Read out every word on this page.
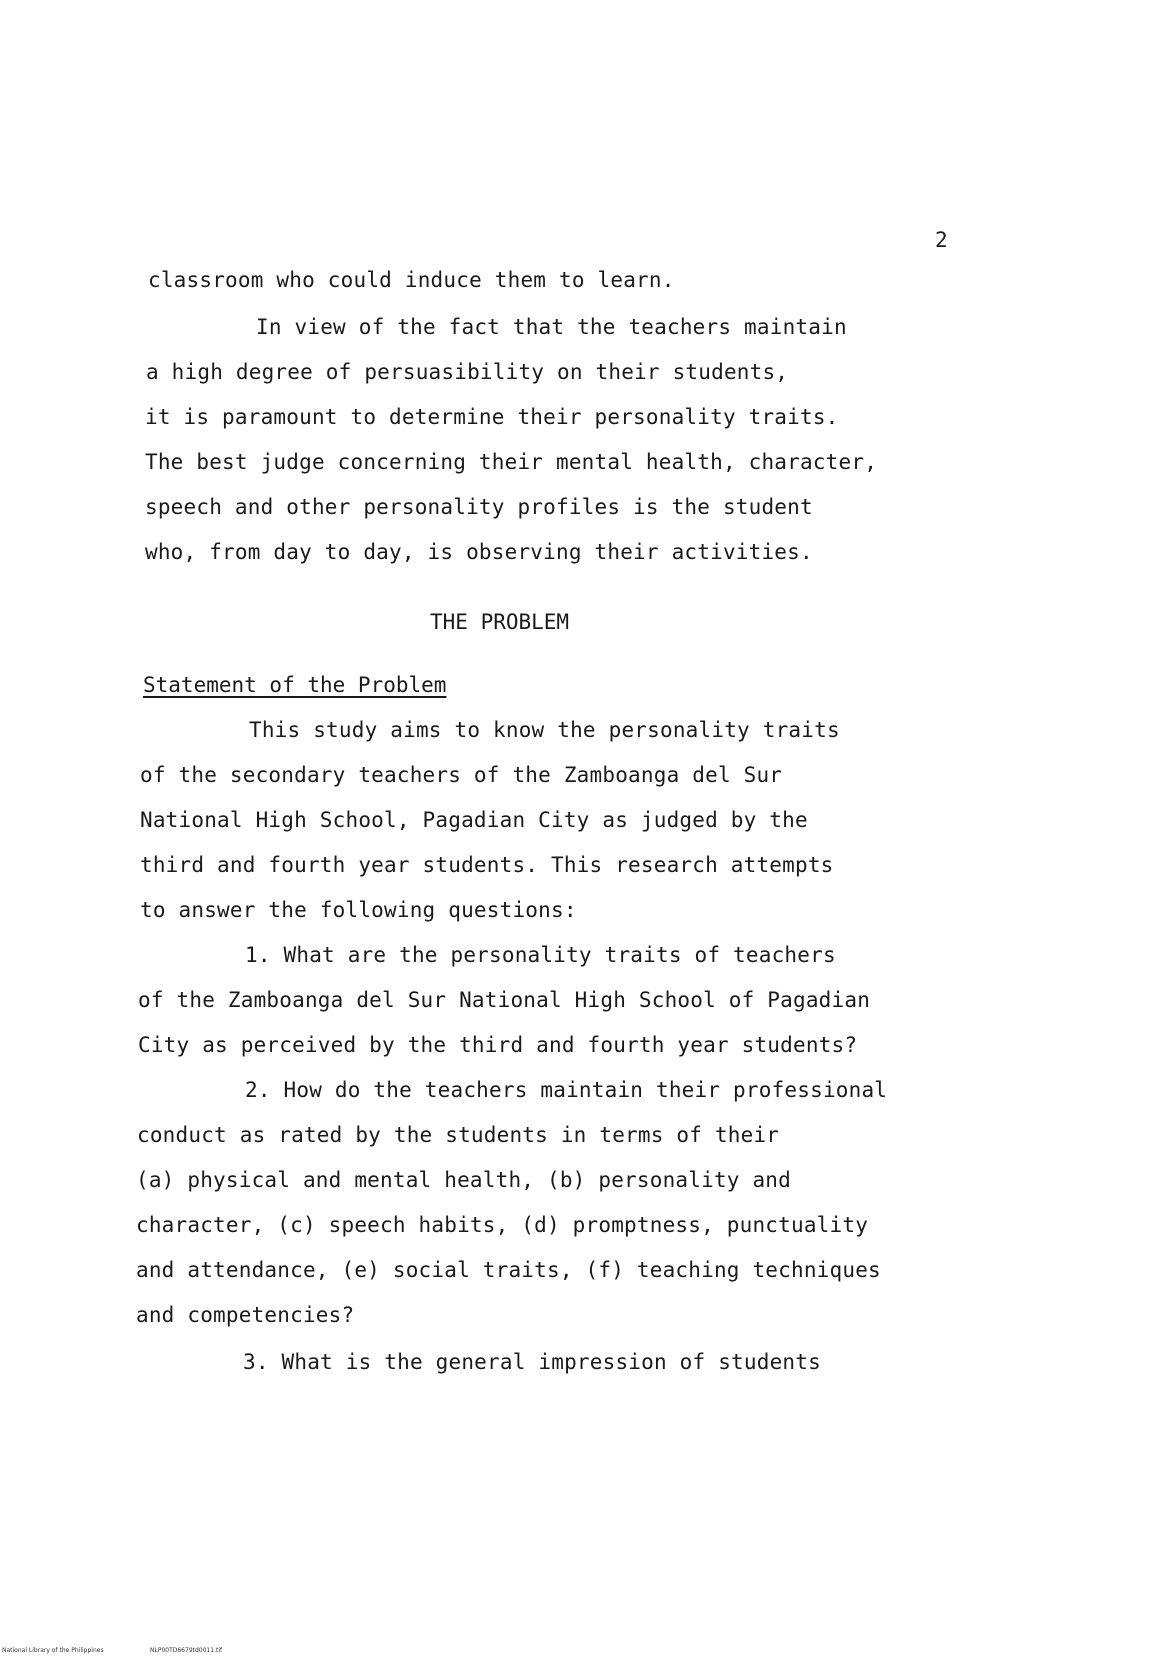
2
classroom who could induce them to learn.
In view of the fact that the teachers maintain
a high degree of persuasibility on their students,
it is paramount to determine their personality traits.
The best judge concerning their mental health, character,
speech and other personality profiles is the student
who, from day to day, is observing their activities.
THE PROBLEM
Statement of the Problem
This study aims to know the personality traits
of the secondary teachers of the Zamboanga del Sur
National High School, Pagadian City as judged by the
third and fourth year students. This research attempts
to answer the following questions:
1. What are the personality traits of teachers
of the Zamboanga del Sur National High School of Pagadian
City as perceived by the third and fourth year students?
2. How do the teachers maintain their professional
conduct as rated by the students in terms of their
(a) physical and mental health, (b) personality and
character, (c) speech habits, (d) promptness, punctuality
and attendance, (e) social traits, (f) teaching techniques
and competencies?
3. What is the general impression of students
National Library of the Philippines	NLP00TD6679td0011.tif
